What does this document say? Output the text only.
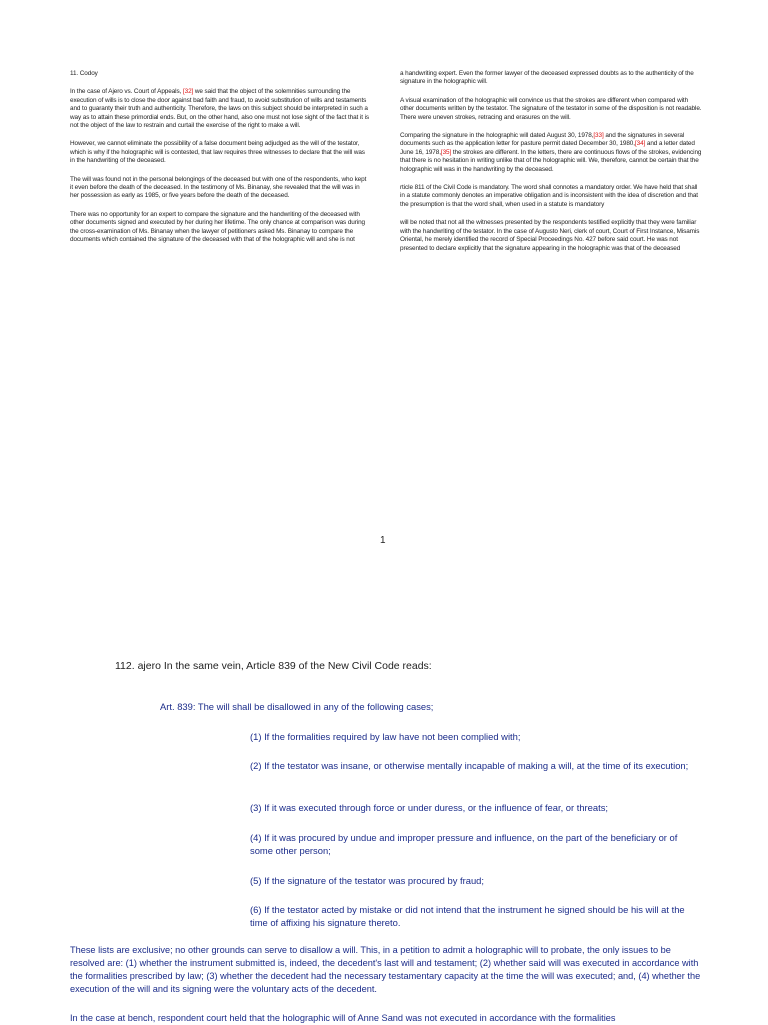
11. Codoy

In the case of Ajero vs. Court of Appeals, [32] we said that the object of the solemnities surrounding the execution of wills is to close the door against bad faith and fraud, to avoid substitution of wills and testaments and to guaranty their truth and authenticity. Therefore, the laws on this subject should be interpreted in such a way as to attain these primordial ends. But, on the other hand, also one must not lose sight of the fact that it is not the object of the law to restrain and curtail the exercise of the right to make a will.

However, we cannot eliminate the possibility of a false document being adjudged as the will of the testator, which is why if the holographic will is contested, that law requires three witnesses to declare that the will was in the handwriting of the deceased.

The will was found not in the personal belongings of the deceased but with one of the respondents, who kept it even before the death of the deceased. In the testimony of Ms. Binanay, she revealed that the will was in her possession as early as 1985, or five years before the death of the deceased.

There was no opportunity for an expert to compare the signature and the handwriting of the deceased with other documents signed and executed by her during her lifetime. The only chance at comparison was during the cross-examination of Ms. Binanay when the lawyer of petitioners asked Ms. Binanay to compare the documents which contained the signature of the deceased with that of the holographic will and she is not

a handwriting expert. Even the former lawyer of the deceased expressed doubts as to the authenticity of the signature in the holographic will.

A visual examination of the holographic will convince us that the strokes are different when compared with other documents written by the testator. The signature of the testator in some of the disposition is not readable. There were uneven strokes, retracing and erasures on the will.

Comparing the signature in the holographic will dated August 30, 1978,[33] and the signatures in several documents such as the application letter for pasture permit dated December 30, 1980,[34] and a letter dated June 16, 1978,[35] the strokes are different. In the letters, there are continuous flows of the strokes, evidencing that there is no hesitation in writing unlike that of the holographic will. We, therefore, cannot be certain that the holographic will was in the handwriting by the deceased.

rticle 811 of the Civil Code is mandatory. The word shall connotes a mandatory order. We have held that shall in a statute commonly denotes an imperative obligation and is inconsistent with the idea of discretion and that the presumption is that the word shall, when used in a statute is mandatory

will be noted that not all the witnesses presented by the respondents testified explicitly that they were familiar with the handwriting of the testator. In the case of Augusto Neri, clerk of court, Court of First Instance, Misamis Oriental, he merely identified the record of Special Proceedings No. 427 before said court. He was not presented to declare explicitly that the signature appearing in the holographic was that of the deceased

1
112. ajero In the same vein, Article 839 of the New Civil Code reads:
Art. 839: The will shall be disallowed in any of the following cases;
(1) If the formalities required by law have not been complied with;
(2) If the testator was insane, or otherwise mentally incapable of making a will, at the time of its execution;
(3) If it was executed through force or under duress, or the influence of fear, or threats;
(4) If it was procured by undue and improper pressure and influence, on the part of the beneficiary or of some other person;
(5) If the signature of the testator was procured by fraud;
(6) If the testator acted by mistake or did not intend that the instrument he signed should be his will at the time of affixing his signature thereto.
These lists are exclusive; no other grounds can serve to disallow a will. This, in a petition to admit a holographic will to probate, the only issues to be resolved are: (1) whether the instrument submitted is, indeed, the decedent's last will and testament; (2) whether said will was executed in accordance with the formalities prescribed by law; (3) whether the decedent had the necessary testamentary capacity at the time the will was executed; and, (4) whether the execution of the will and its signing were the voluntary acts of the decedent.
In the case at bench, respondent court held that the holographic will of Anne Sand was not executed in accordance with the formalities
